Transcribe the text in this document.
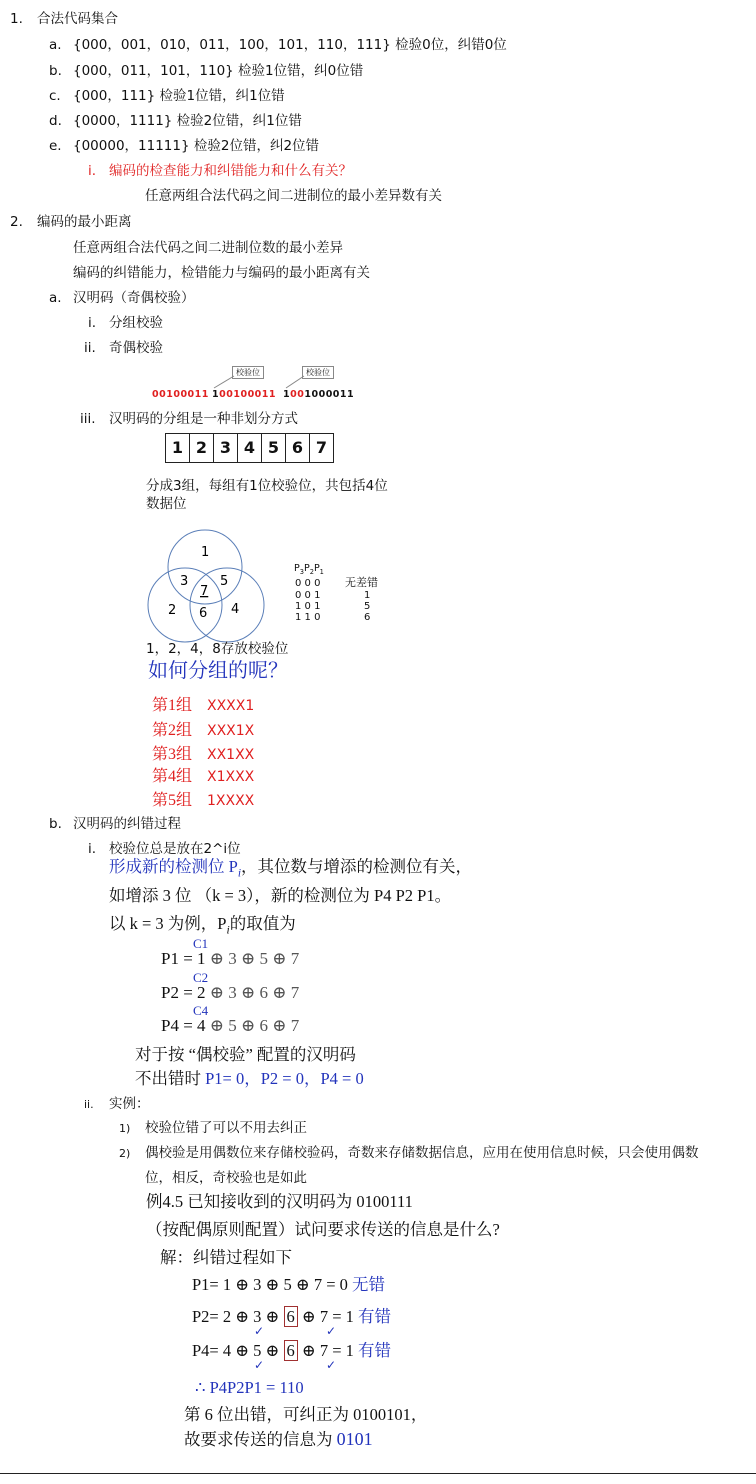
1. 合法代码集合
a. {000，001，010，011，100，101，110，111} 检验0位，纠错0位
b. {000，011，101，110} 检验1位错，纠0位错
c. {000，111} 检验1位错，纠1位错
d. {0000，1111} 检验2位错，纠1位错
e. {00000，11111} 检验2位错，纠2位错
i. 编码的检查能力和纠错能力和什么有关？
任意两组合法代码之间二进制位的最小差异数有关
2. 编码的最小距离
任意两组合法代码之间二进制位数的最小差异
编码的纠错能力，检错能力与编码的最小距离有关
a. 汉明码（奇偶校验）
i. 分组校验
ii. 奇偶校验
校验位	校验位
00100011 100100011 1001000011
iii. 汉明码的分组是一种非划分方式
1 2 3 4 5 6 7
分成3组，每组有1位校验位，共包括4位
数据位
1
3 5
7
2 6 4
$P_3P_2P_1$
0 0 0
0 0 1
1 0 1
1 1 0
无差错
1
5
6
1，2，4，8存放校验位
如何分组的呢？
第1组 XXXX1
第2组 XXX1X
第3组 XX1XX
第4组 X1XXX
第5组 1XXXX
b. 汉明码的纠错过程
i. 校验位总是放在2^i位
形成新的检测位 $P_i$，其位数与增添的检测位有关，
如增添 3 位 （k = 3），新的检测位为 P4 P2 P1。
以 k = 3 为例，$P_i$的取值为
C1
P1 = 1 ⊕ 3 ⊕ 5 ⊕ 7
C2
P2 = 2 ⊕ 3 ⊕ 6 ⊕ 7
C4
P4 = 4 ⊕ 5 ⊕ 6 ⊕ 7
对于按 “偶校验” 配置的汉明码
不出错时 P1= 0，P2 = 0，P4 = 0
ii. 实例：
1) 校验位错了可以不用去纠正
2) 偶校验是用偶数位来存储校验码，奇数来存储数据信息，应用在使用信息时候，只会使用偶数
位，相反，奇校验也是如此
例4.5 已知接收到的汉明码为 0100111
（按配偶原则配置）试问要求传送的信息是什么?
解：纠错过程如下
P1= 1 ⊕ 3 ⊕ 5 ⊕ 7 = 0 无错
P2= 2 ⊕ 3 ⊕ 6 ⊕ 7 = 1 有错
✓	✓
P4= 4 ⊕ 5 ⊕ 6 ⊕ 7 = 1 有错
✓	✓
∴ P4P2P1 = 110
第 6 位出错，可纠正为 0100101，
故要求传送的信息为 0101
